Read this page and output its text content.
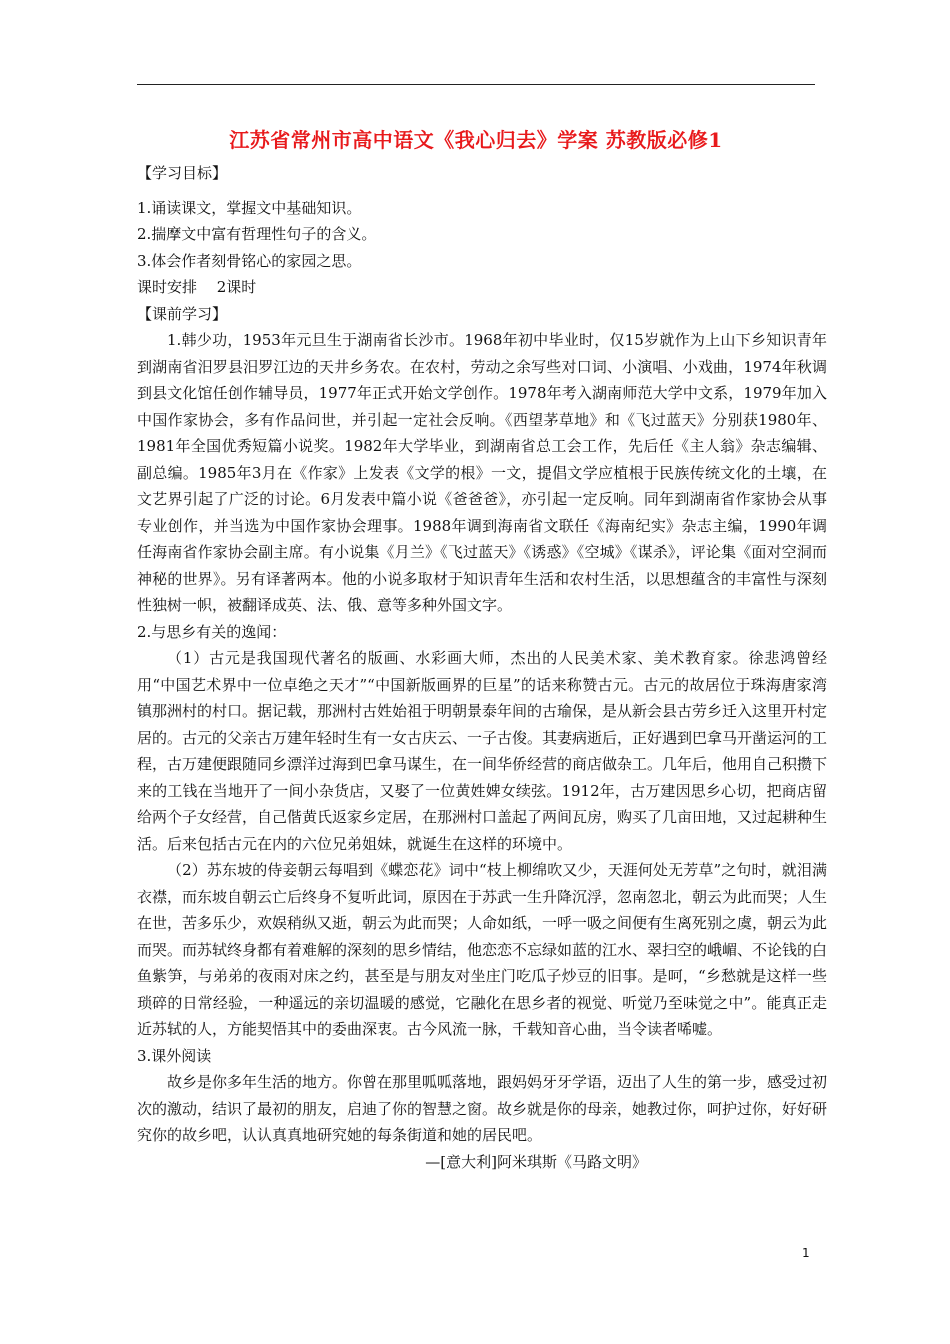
江苏省常州市高中语文《我心归去》学案 苏教版必修1

【学习目标】

1.诵读课文，掌握文中基础知识。

2.揣摩文中富有哲理性句子的含义。

3.体会作者刻骨铭心的家园之思。

课时安排　 2课时

【课前学习】

1.韩少功，1953年元旦生于湖南省长沙市。1968年初中毕业时，仅15岁就作为上山下乡知识青年到湖南省汨罗县汨罗江边的天井乡务农。在农村，劳动之余写些对口词、小演唱、小戏曲，1974年秋调到县文化馆任创作辅导员，1977年正式开始文学创作。1978年考入湖南师范大学中文系，1979年加入中国作家协会，多有作品问世，并引起一定社会反响。《西望茅草地》和《飞过蓝天》分别获1980年、1981年全国优秀短篇小说奖。1982年大学毕业，到湖南省总工会工作，先后任《主人翁》杂志编辑、副总编。1985年3月在《作家》上发表《文学的根》一文，提倡文学应植根于民族传统文化的土壤，在文艺界引起了广泛的讨论。6月发表中篇小说《爸爸爸》，亦引起一定反响。同年到湖南省作家协会从事专业创作，并当选为中国作家协会理事。1988年调到海南省文联任《海南纪实》杂志主编，1990年调任海南省作家协会副主席。有小说集《月兰》《飞过蓝天》《诱惑》《空城》《谋杀》，评论集《面对空洞而神秘的世界》。另有译著两本。他的小说多取材于知识青年生活和农村生活，以思想蕴含的丰富性与深刻性独树一帜，被翻译成英、法、俄、意等多种外国文字。

2.与思乡有关的逸闻：

（1）古元是我国现代著名的版画、水彩画大师，杰出的人民美术家、美术教育家。徐悲鸿曾经用“中国艺术界中一位卓绝之天才”“中国新版画界的巨星”的话来称赞古元。古元的故居位于珠海唐家湾镇那洲村的村口。据记载，那洲村古姓始祖于明朝景泰年间的古瑜保，是从新会县古劳乡迁入这里开村定居的。古元的父亲古万建年轻时生有一女古庆云、一子古俊。其妻病逝后，正好遇到巴拿马开凿运河的工程，古万建便跟随同乡漂洋过海到巴拿马谋生，在一间华侨经营的商店做杂工。几年后，他用自己积攒下来的工钱在当地开了一间小杂货店，又娶了一位黄姓婢女续弦。1912年，古万建因思乡心切，把商店留给两个子女经营，自己偕黄氏返家乡定居，在那洲村口盖起了两间瓦房，购买了几亩田地，又过起耕种生活。后来包括古元在内的六位兄弟姐妹，就诞生在这样的环境中。

（2）苏东坡的侍妾朝云每唱到《蝶恋花》词中“枝上柳绵吹又少，天涯何处无芳草”之句时，就泪满衣襟，而东坡自朝云亡后终身不复听此词，原因在于苏武一生升降沉浮，忽南忽北，朝云为此而哭；人生在世，苦多乐少，欢娱稍纵又逝，朝云为此而哭；人命如纸，一呼一吸之间便有生离死别之虞，朝云为此而哭。而苏轼终身都有着难解的深刻的思乡情结，他恋恋不忘绿如蓝的江水、翠扫空的峨嵋、不论钱的白鱼紫笋，与弟弟的夜雨对床之约，甚至是与朋友对坐庄门吃瓜子炒豆的旧事。是呵，“乡愁就是这样一些琐碎的日常经验，一种遥远的亲切温暖的感觉，它融化在思乡者的视觉、听觉乃至味觉之中”。能真正走近苏轼的人，方能契悟其中的委曲深衷。古今风流一脉，千载知音心曲，当令读者唏嘘。

3.课外阅读

故乡是你多年生活的地方。你曾在那里呱呱落地，跟妈妈牙牙学语，迈出了人生的第一步，感受过初次的激动，结识了最初的朋友，启迪了你的智慧之窗。故乡就是你的母亲，她教过你，呵护过你，好好研究你的故乡吧，认认真真地研究她的每条街道和她的居民吧。

—[意大利]阿米琪斯《马路文明》

1
